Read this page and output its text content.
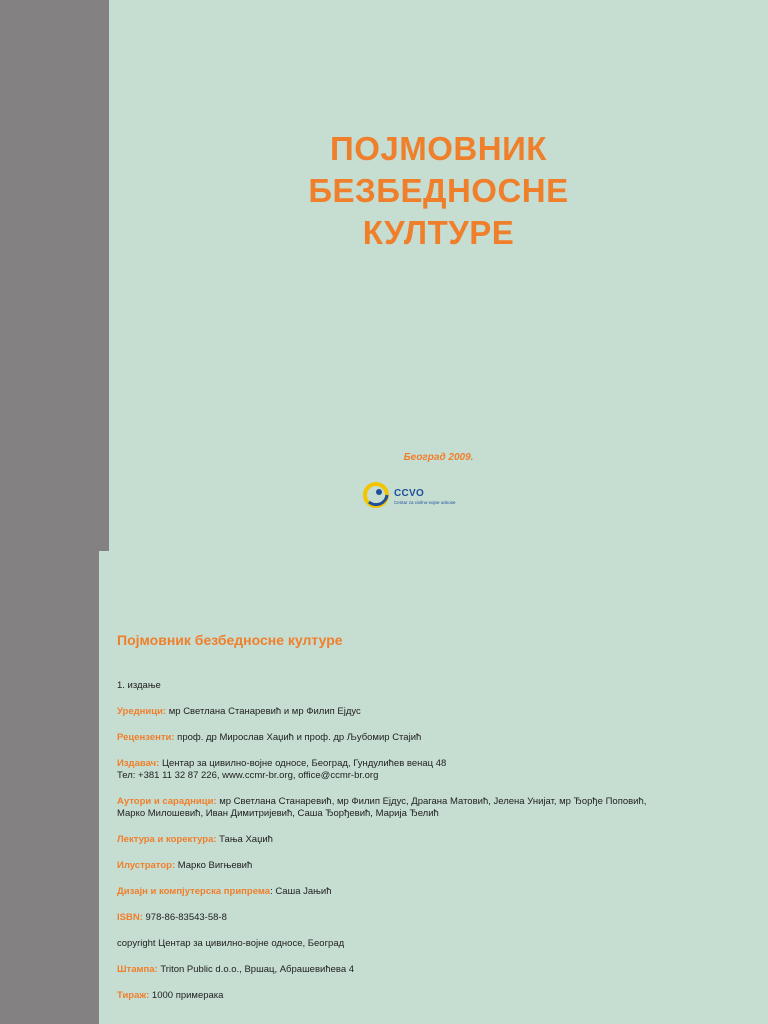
ПОЈМОВНИК
БЕЗБЕДНОСНЕ
КУЛТУРЕ
Београд 2009.
CCVO
Centar za civilno-vojne odnose
Појмовник безбедносне културе
1. издање
Уредници: мр Светлана Станаревић и мр Филип Ејдус
Рецензенти: проф. др Мирослав Хаџић и проф. др Љубомир Стајић
Издавач: Центар за цивилно-војне односе, Београд, Гундулићев венац 48
Тел: +381 11 32 87 226, www.ccmr-br.org, office@ccmr-br.org
Аутори и сарадници: мр Светлана Станаревић, мр Филип Ејдус, Драгана Матовић, Јелена Унијат, мр Ђорђе Поповић,
Марко Милошевић, Иван Димитријевић, Саша Ђорђевић, Марија Ђелић
Лектура и коректура: Тања Хаџић
Илустратор: Марко Вигњевић
Дизајн и компјутерска припрема: Саша Јањић
ISBN: 978-86-83543-58-8
copyright Центар за цивилно-војне односе, Београд
Штампа: Triton Public d.o.o., Вршац, Абрашевићева 4
Тираж: 1000 примерака
